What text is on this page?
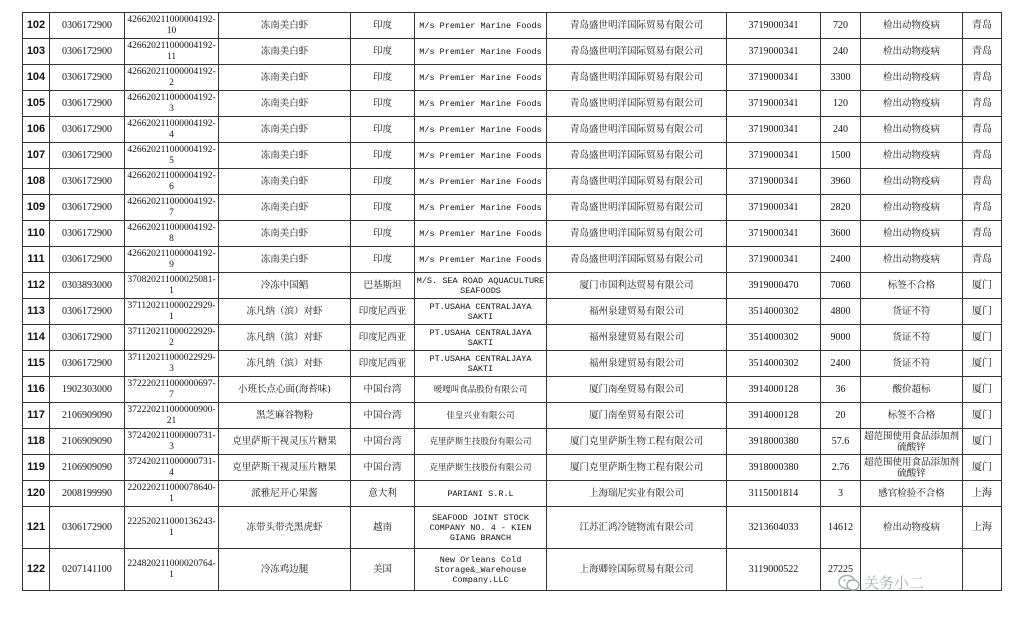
102	0306172900	426620211000004192-10	冻南美白虾	印度	M/s Premier Marine Foods	青岛盛世明洋国际贸易有限公司	3719000341	720	检出动物疫病	青岛
103	0306172900	426620211000004192-11	冻南美白虾	印度	M/s Premier Marine Foods	青岛盛世明洋国际贸易有限公司	3719000341	240	检出动物疫病	青岛
104	0306172900	426620211000004192-2	冻南美白虾	印度	M/s Premier Marine Foods	青岛盛世明洋国际贸易有限公司	3719000341	3300	检出动物疫病	青岛
105	0306172900	426620211000004192-3	冻南美白虾	印度	M/s Premier Marine Foods	青岛盛世明洋国际贸易有限公司	3719000341	120	检出动物疫病	青岛
106	0306172900	426620211000004192-4	冻南美白虾	印度	M/s Premier Marine Foods	青岛盛世明洋国际贸易有限公司	3719000341	240	检出动物疫病	青岛
107	0306172900	426620211000004192-5	冻南美白虾	印度	M/s Premier Marine Foods	青岛盛世明洋国际贸易有限公司	3719000341	1500	检出动物疫病	青岛
108	0306172900	426620211000004192-6	冻南美白虾	印度	M/s Premier Marine Foods	青岛盛世明洋国际贸易有限公司	3719000341	3960	检出动物疫病	青岛
109	0306172900	426620211000004192-7	冻南美白虾	印度	M/s Premier Marine Foods	青岛盛世明洋国际贸易有限公司	3719000341	2820	检出动物疫病	青岛
110	0306172900	426620211000004192-8	冻南美白虾	印度	M/s Premier Marine Foods	青岛盛世明洋国际贸易有限公司	3719000341	3600	检出动物疫病	青岛
111	0306172900	426620211000004192-9	冻南美白虾	印度	M/s Premier Marine Foods	青岛盛世明洋国际贸易有限公司	3719000341	2400	检出动物疫病	青岛
112	0303893000	370820211000025081-1	冷冻中国鲳	巴基斯坦	M/S. SEA ROAD AQUACULTURE SEAFOODS	厦门市国利达贸易有限公司	3919000470	7060	标签不合格	厦门
113	0306172900	371120211000022929-1	冻凡纳（滨）对虾	印度尼西亚	PT.USAHA CENTRALJAYA SAKTI	福州泉建贸易有限公司	3514000302	4800	货证不符	厦门
114	0306172900	371120211000022929-2	冻凡纳（滨）对虾	印度尼西亚	PT.USAHA CENTRALJAYA SAKTI	福州泉建贸易有限公司	3514000302	9000	货证不符	厦门
115	0306172900	371120211000022929-3	冻凡纳（滨）对虾	印度尼西亚	PT.USAHA CENTRALJAYA SAKTI	福州泉建贸易有限公司	3514000302	2400	货证不符	厦门
116	1902303000	372220211000000697-7	小班长点心面(海苔味)	中国台湾	嗳嘎叫食品股份有限公司	厦门南垒贸易有限公司	3914000128	36	酸价超标	厦门
117	2106909090	372220211000000900-21	黑芝麻谷物粉	中国台湾	佳皇兴业有限公司	厦门南垒贸易有限公司	3914000128	20	标签不合格	厦门
118	2106909090	372420211000000731-3	克里萨斯干视灵压片糖果	中国台湾	克里萨斯生技股份有限公司	厦门克里萨斯生物工程有限公司	3918000380	57.6	超范围使用食品添加剂硫酸锌	厦门
119	2106909090	372420211000000731-4	克里萨斯干视灵压片糖果	中国台湾	克里萨斯生技股份有限公司	厦门克里萨斯生物工程有限公司	3918000380	2.76	超范围使用食品添加剂硫酸锌	厦门
120	2008199990	220220211000078640-1	派雅尼开心果酱	意大利	PARIANI S.R.L	上海瑞尼实业有限公司	3115001814	3	感官检验不合格	上海
121	0306172900	222520211000136243-1	冻带头带壳黑虎虾	越南	SEAFOOD JOINT STOCK COMPANY NO. 4 - KIEN GIANG BRANCH	江苏汇鸿冷链物流有限公司	3213604033	14612	检出动物疫病	上海
122	0207141100	224820211000020764-1	冷冻鸡边腿	美国	New Orleans Cold Storage&_Warehouse Company.LLC	上海卿铨国际贸易有限公司	3119000522	27225		
关务小二
